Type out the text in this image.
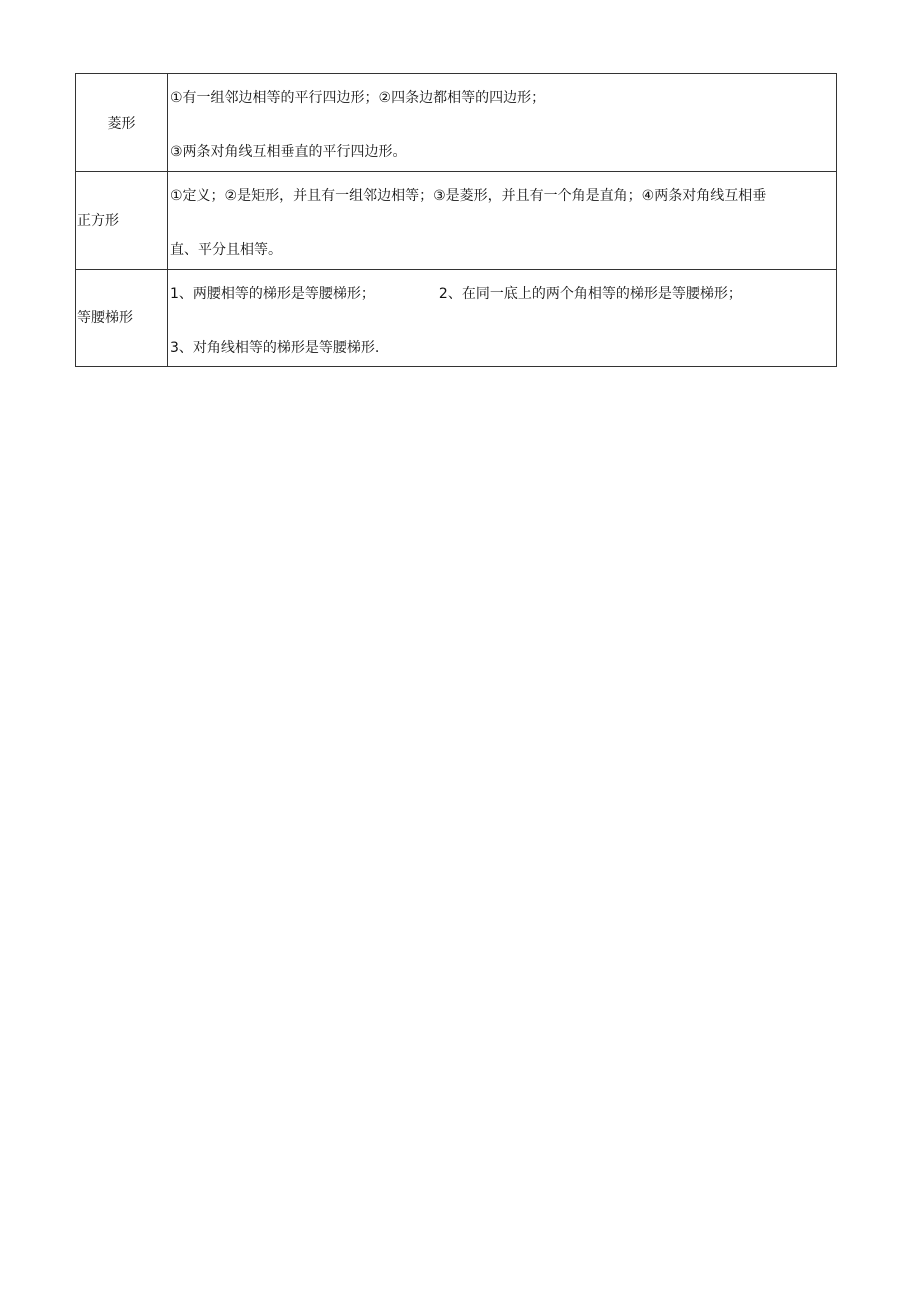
菱形	①有一组邻边相等的平行四边形；②四条边都相等的四边形；
③两条对角线互相垂直的平行四边形。

正方形	①定义；②是矩形，并且有一组邻边相等；③是菱形，并且有一个角是直角；④两条对角线互相垂
直、平分且相等。

等腰梯形	1、两腰相等的梯形是等腰梯形； 2、在同一底上的两个角相等的梯形是等腰梯形；
3、对角线相等的梯形是等腰梯形.
